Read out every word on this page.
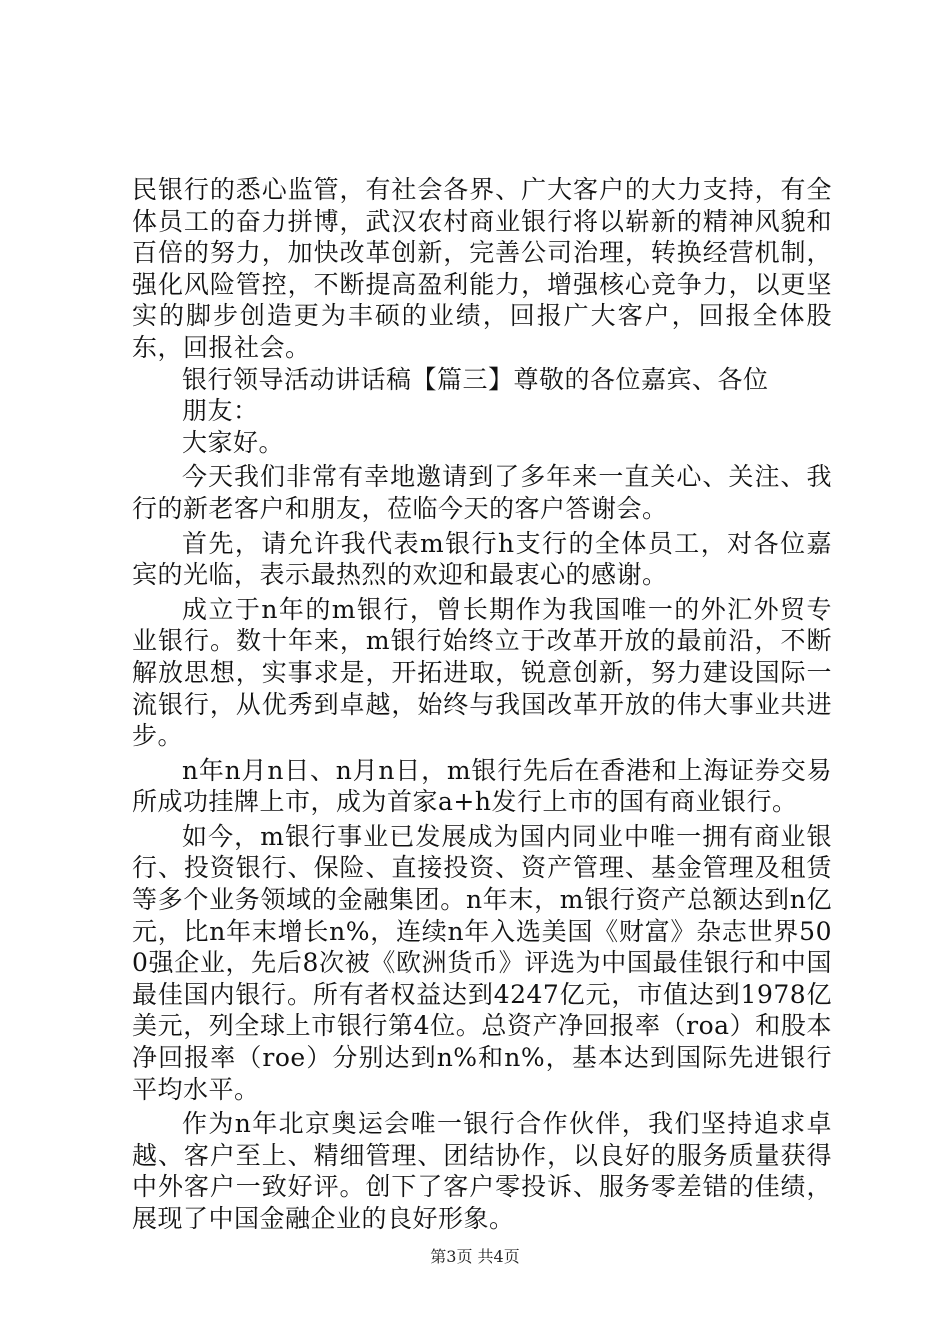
民银行的悉心监管，有社会各界、广大客户的大力支持，有全体员工的奋力拼博，武汉农村商业银行将以崭新的精神风貌和百倍的努力，加快改革创新，完善公司治理，转换经营机制，强化风险管控，不断提高盈利能力，增强核心竞争力，以更坚实的脚步创造更为丰硕的业绩，回报广大客户，回报全体股东，回报社会。

银行领导活动讲话稿【篇三】尊敬的各位嘉宾、各位

朋友：

大家好。

今天我们非常有幸地邀请到了多年来一直关心、关注、我行的新老客户和朋友，莅临今天的客户答谢会。

首先，请允许我代表m银行h支行的全体员工，对各位嘉宾的光临，表示最热烈的欢迎和最衷心的感谢。

成立于n年的m银行，曾长期作为我国唯一的外汇外贸专业银行。数十年来，m银行始终立于改革开放的最前沿，不断解放思想，实事求是，开拓进取，锐意创新，努力建设国际一流银行，从优秀到卓越，始终与我国改革开放的伟大事业共进步。

n年n月n日、n月n日，m银行先后在香港和上海证券交易所成功挂牌上市，成为首家a+h发行上市的国有商业银行。

如今，m银行事业已发展成为国内同业中唯一拥有商业银行、投资银行、保险、直接投资、资产管理、基金管理及租赁等多个业务领域的金融集团。n年末，m银行资产总额达到n亿元，比n年末增长n%，连续n年入选美国《财富》杂志世界500强企业，先后8次被《欧洲货币》评选为中国最佳银行和中国最佳国内银行。所有者权益达到4247亿元，市值达到1978亿美元，列全球上市银行第4位。总资产净回报率（roa）和股本净回报率（roe）分别达到n%和n%，基本达到国际先进银行平均水平。

作为n年北京奥运会唯一银行合作伙伴，我们坚持追求卓越、客户至上、精细管理、团结协作，以良好的服务质量获得中外客户一致好评。创下了客户零投诉、服务零差错的佳绩，展现了中国金融企业的良好形象。

第3页 共4页
